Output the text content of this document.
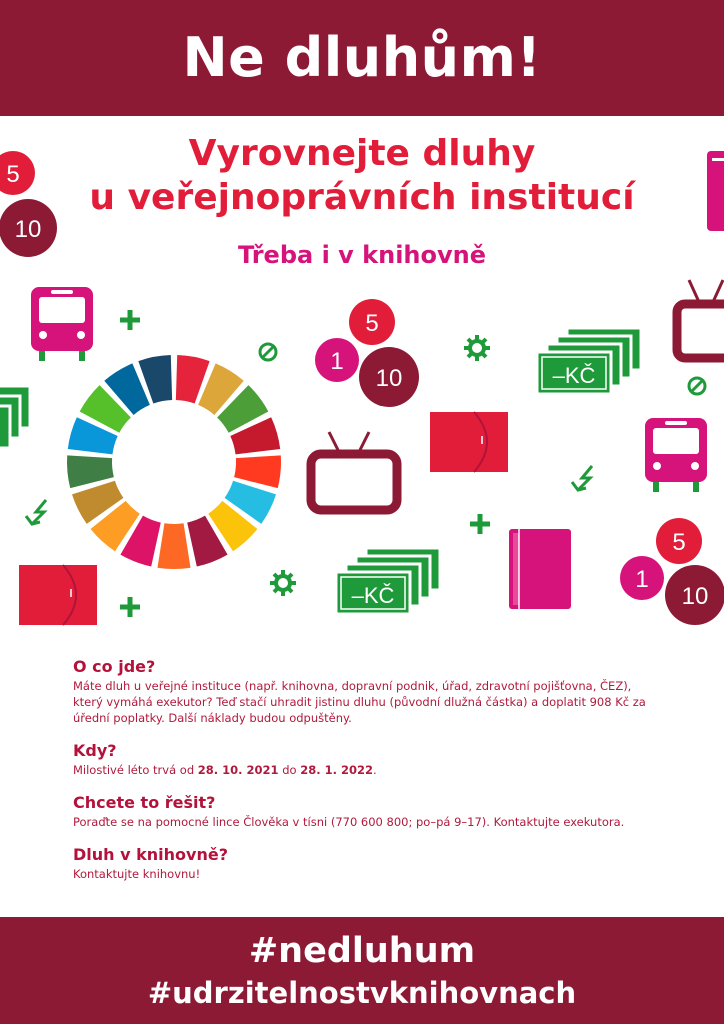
Ne dluhům!
Vyrovnejte dluhy
u veřejnoprávních institucí
Třeba i v knihovně
5
10
5
1
10	–KČ
5
1
10
–KČ
O co jde?

Máte dluh u veřejné instituce (např. knihovna, dopravní podnik, úřad, zdravotní pojišťovna, ČEZ), který vymáhá exekutor? Teď stačí uhradit jistinu dluhu (původní dlužná částka) a doplatit 908 Kč za úřední poplatky. Další náklady budou odpuštěny.

Kdy?

Milostivé léto trvá od 28. 10. 2021 do 28. 1. 2022.

Chcete to řešit?

Poraďte se na pomocné lince Člověka v tísni (770 600 800; po–pá 9–17). Kontaktujte exekutora.

Dluh v knihovně?

Kontaktujte knihovnu!

#nedluhum
#udrzitelnostvknihovnach
